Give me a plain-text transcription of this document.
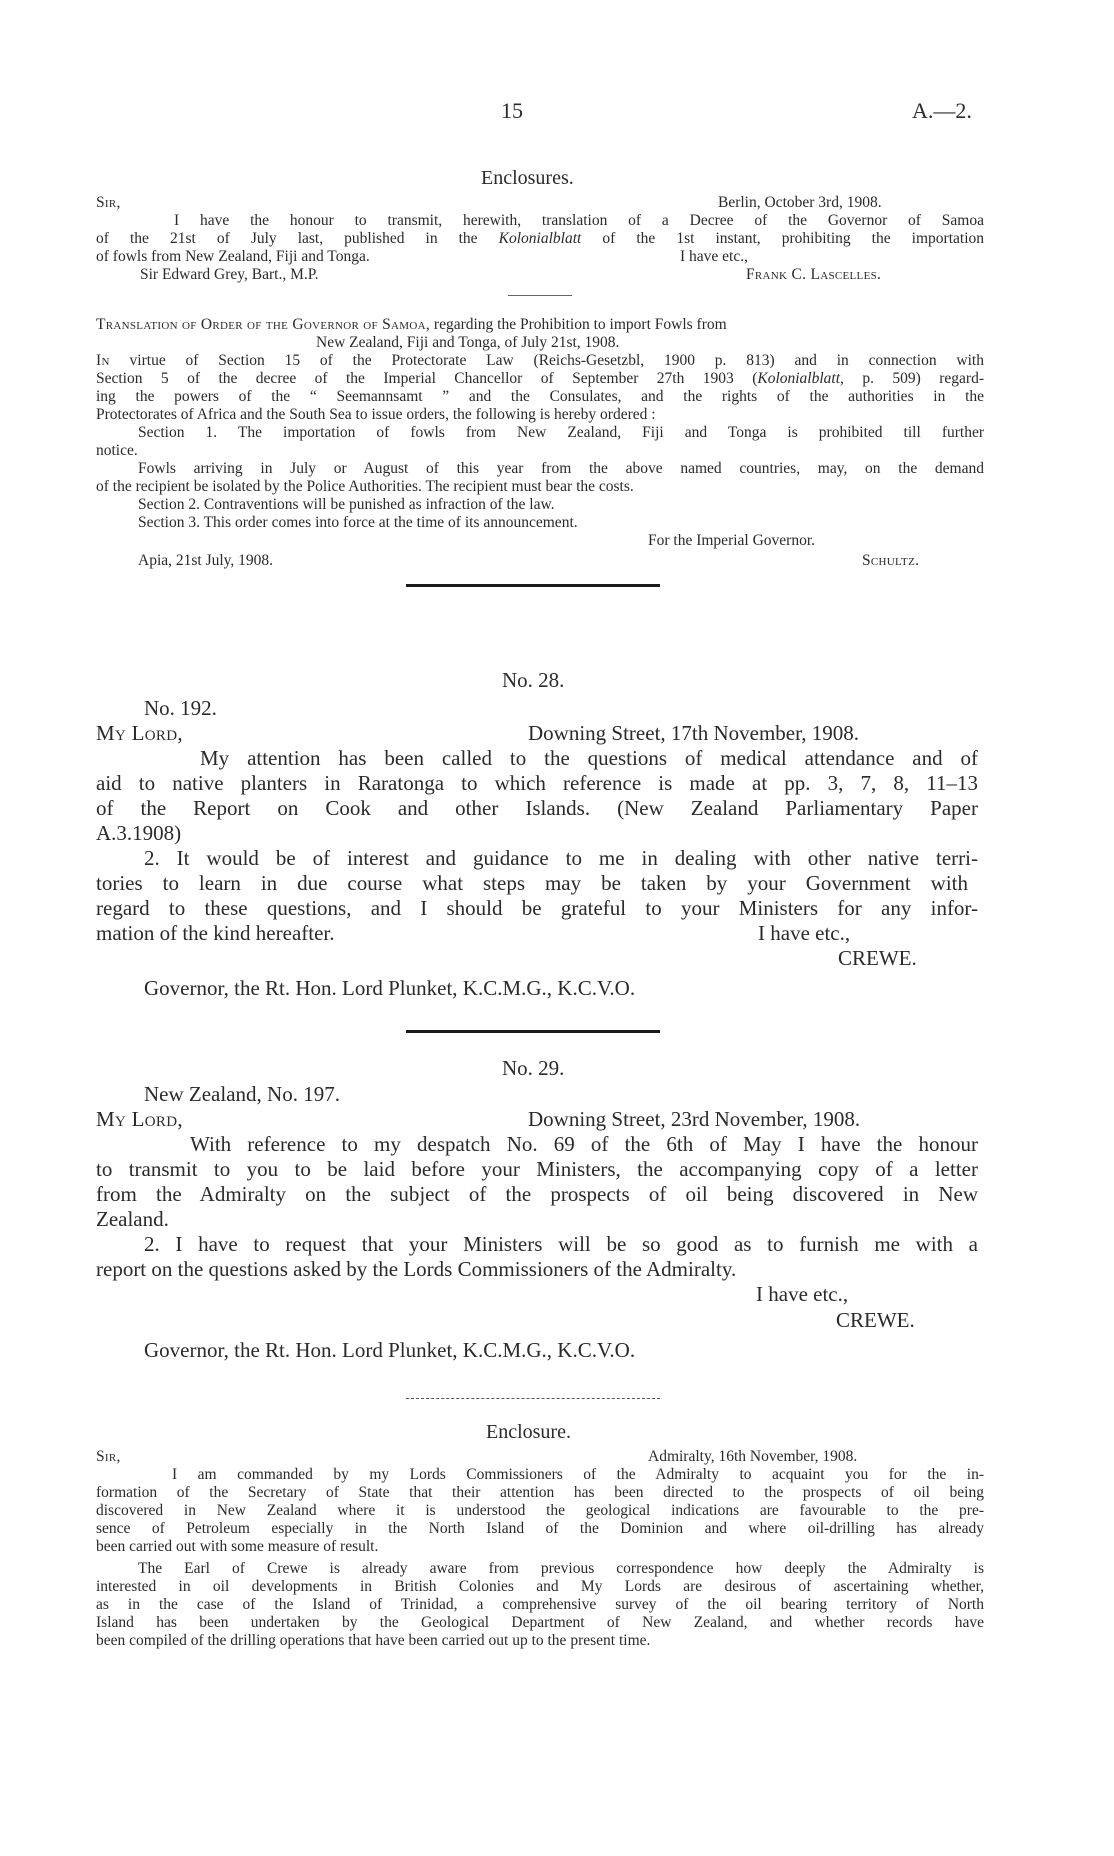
15	A.—2.
Enclosures.
Sir,	Berlin, October 3rd, 1908.
I have the honour to transmit, herewith, translation of a Decree of the Governor of Samoa
of the 21st of July last, published in the Kolonialblatt of the 1st instant, prohibiting the importation
of fowls from New Zealand, Fiji and Tonga.	I have etc.,
Sir Edward Grey, Bart., M.P.	Frank C. Lascelles.
Translation of Order of the Governor of Samoa, regarding the Prohibition to import Fowls from
New Zealand, Fiji and Tonga, of July 21st, 1908.
In virtue of Section 15 of the Protectorate Law (Reichs-Gesetzbl, 1900 p. 813) and in connection with
Section 5 of the decree of the Imperial Chancellor of September 27th 1903 (Kolonialblatt, p. 509) regard-
ing the powers of the “ Seemannsamt ” and the Consulates, and the rights of the authorities in the
Protectorates of Africa and the South Sea to issue orders, the following is hereby ordered :
Section 1. The importation of fowls from New Zealand, Fiji and Tonga is prohibited till further
notice.
Fowls arriving in July or August of this year from the above named countries, may, on the demand
of the recipient be isolated by the Police Authorities. The recipient must bear the costs.
Section 2. Contraventions will be punished as infraction of the law.
Section 3. This order comes into force at the time of its announcement.
For the Imperial Governor.
Apia, 21st July, 1908.	Schultz.
No. 28.
No. 192.
My Lord,	Downing Street, 17th November, 1908.
My attention has been called to the questions of medical attendance and of
aid to native planters in Raratonga to which reference is made at pp. 3, 7, 8, 11–13
of the Report on Cook and other Islands. (New Zealand Parliamentary Paper
A.3.1908)
2. It would be of interest and guidance to me in dealing with other native terri-
tories to learn in due course what steps may be taken by your Government with
regard to these questions, and I should be grateful to your Ministers for any infor-
mation of the kind hereafter.	I have etc.,
CREWE.
Governor, the Rt. Hon. Lord Plunket, K.C.M.G., K.C.V.O.
No. 29.
New Zealand, No. 197.
My Lord,	Downing Street, 23rd November, 1908.
With reference to my despatch No. 69 of the 6th of May I have the honour
to transmit to you to be laid before your Ministers, the accompanying copy of a letter
from the Admiralty on the subject of the prospects of oil being discovered in New
Zealand.
2. I have to request that your Ministers will be so good as to furnish me with a
report on the questions asked by the Lords Commissioners of the Admiralty.
I have etc.,
CREWE.
Governor, the Rt. Hon. Lord Plunket, K.C.M.G., K.C.V.O.
Enclosure.
Sir,	Admiralty, 16th November, 1908.
I am commanded by my Lords Commissioners of the Admiralty to acquaint you for the in-
formation of the Secretary of State that their attention has been directed to the prospects of oil being
discovered in New Zealand where it is understood the geological indications are favourable to the pre-
sence of Petroleum especially in the North Island of the Dominion and where oil-drilling has already
been carried out with some measure of result.
The Earl of Crewe is already aware from previous correspondence how deeply the Admiralty is
interested in oil developments in British Colonies and My Lords are desirous of ascertaining whether,
as in the case of the Island of Trinidad, a comprehensive survey of the oil bearing territory of North
Island has been undertaken by the Geological Department of New Zealand, and whether records have
been compiled of the drilling operations that have been carried out up to the present time.
